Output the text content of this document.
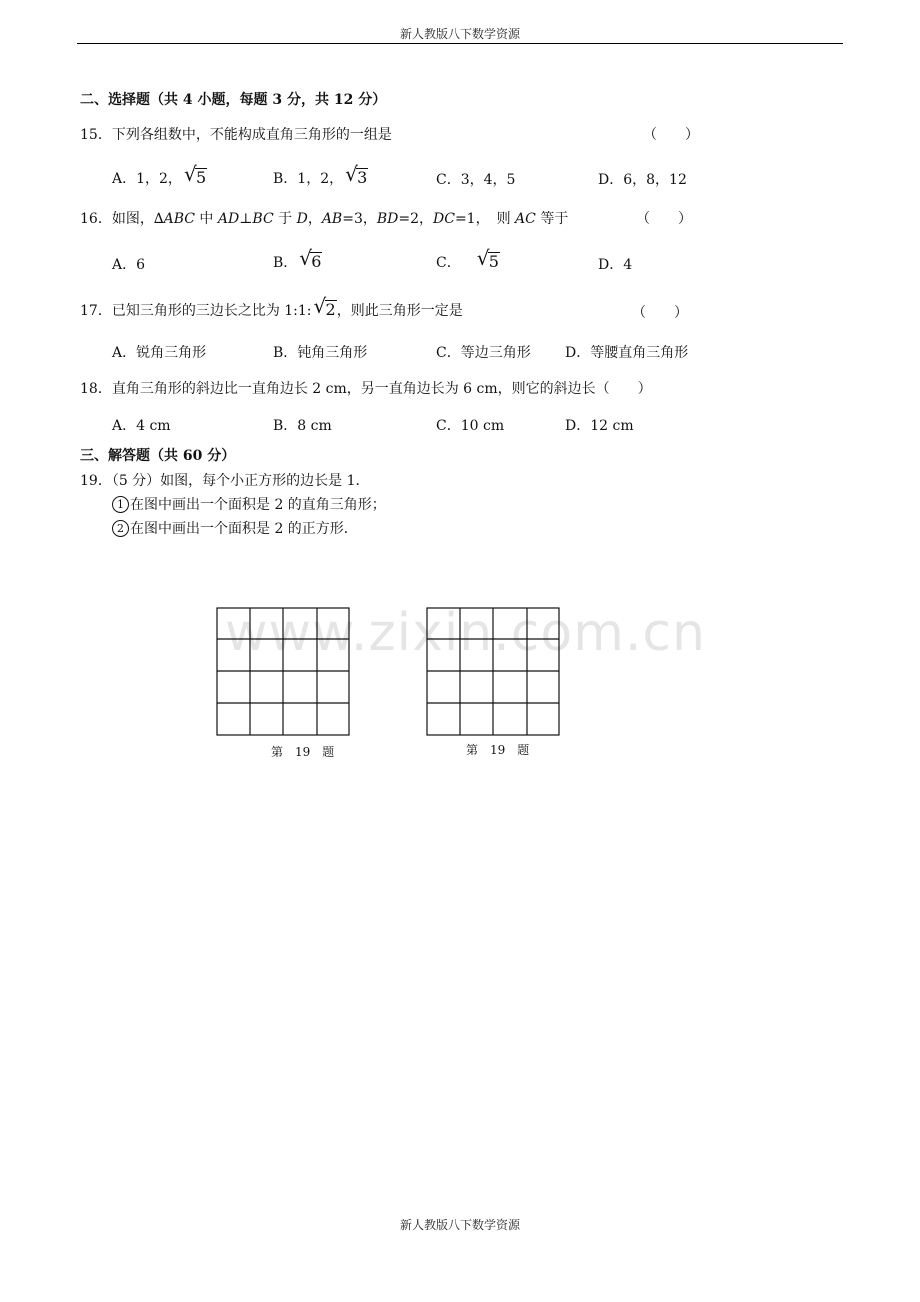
新人教版八下数学资源
二、选择题（共 4 小题，每题 3 分，共 12 分）
15．下列各组数中，不能构成直角三角形的一组是	（　　）
A．1，2， √ 5	B．1，2， √ 3	C．3，4，5	D．6，8，12
16．如图，∆ABC 中 AD⊥BC 于 D，AB=3，BD=2，DC=1，　则 AC 等于	（　　）
A．6	B． √ 6	C． √ 5	D．4
17．已知三角形的三边长之比为 1:1: √ 2，则此三角形一定是	（　　）
A．锐角三角形	B．钝角三角形	C．等边三角形 D．等腰直角三角形
18．直角三角形的斜边比一直角边长 2 cm，另一直角边长为 6 cm，则它的斜边长（　　）
A．4 cm	B．8 cm	C．10 cm	D．12 cm
三、解答题（共 60 分）
19．（5 分）如图，每个小正方形的边长是 1．
1 在图中画出一个面积是 2 的直角三角形；
2 在图中画出一个面积是 2 的正方形．
第　19　题	第　19　题
www.zixin.com.cn
新人教版八下数学资源
